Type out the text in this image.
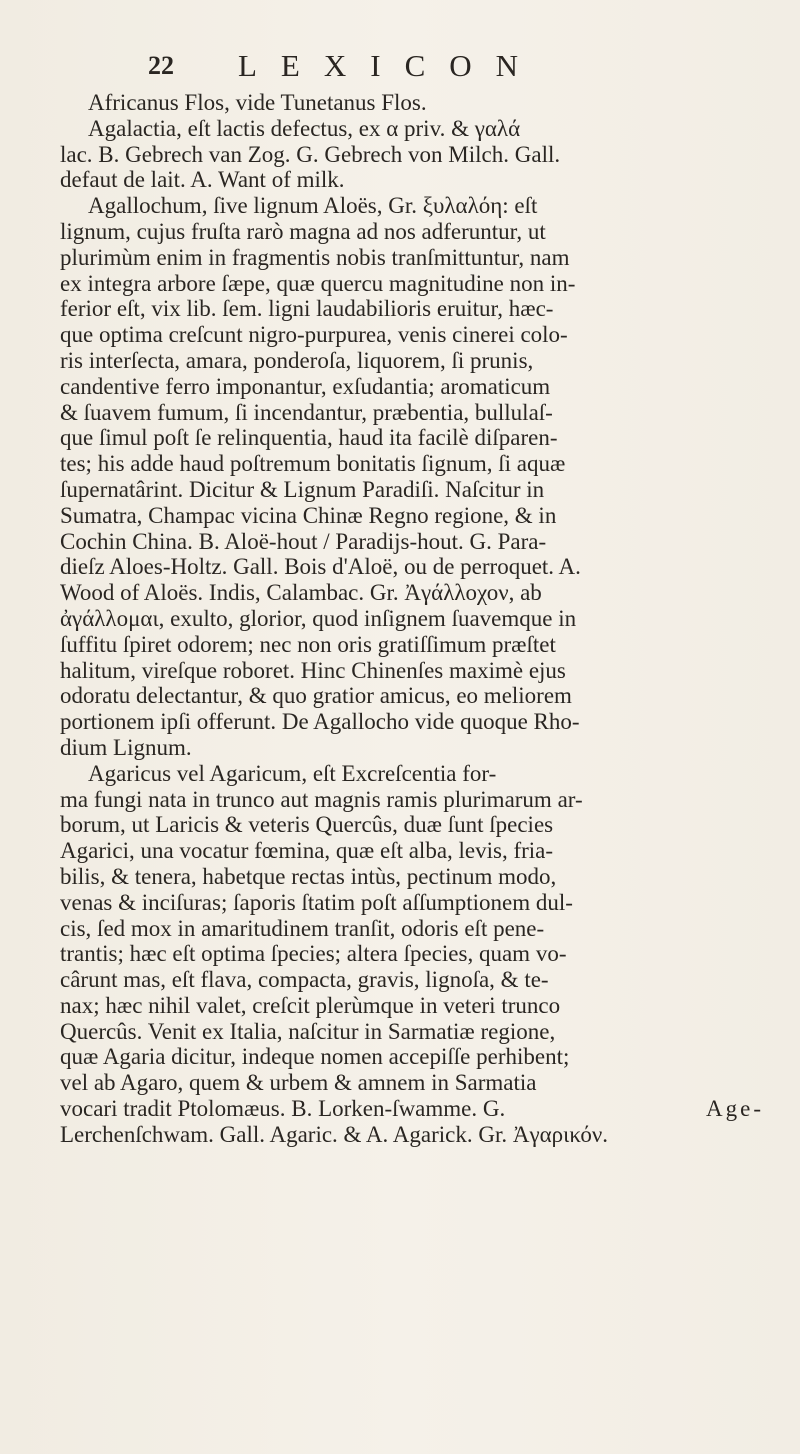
22	LEXICON
Africanus Flos, vide Tunetanus Flos.
Agalactia, eſt lactis defectus, ex α priv. & γαλά
lac. B. Gebrech van Zog. G. Gebrech von Milch. Gall.
defaut de lait. A. Want of milk.
Agallochum, ſive lignum Aloës, Gr. ξυλαλόη: eſt
lignum, cujus fruſta rarò magna ad nos adferuntur, ut
plurimùm enim in fragmentis nobis tranſmittuntur, nam
ex integra arbore ſæpe, quæ quercu magnitudine non in-
ferior eſt, vix lib. ſem. ligni laudabilioris eruitur, hæc-
que optima creſcunt nigro-purpurea, venis cinerei colo-
ris interſecta, amara, ponderoſa, liquorem, ſi prunis,
candentive ferro imponantur, exſudantia; aromaticum
& ſuavem fumum, ſi incendantur, præbentia, bullulaſ-
que ſimul poſt ſe relinquentia, haud ita facilè diſparen-
tes; his adde haud poſtremum bonitatis ſignum, ſi aquæ
ſupernatârint. Dicitur & Lignum Paradiſi. Naſcitur in
Sumatra, Champac vicina Chinæ Regno regione, & in
Cochin China. B. Aloë-hout / Paradijs-hout. G. Para-
dieſz Aloes-Holtz. Gall. Bois d'Aloë, ou de perroquet. A.
Wood of Aloës. Indis, Calambac. Gr. Ἀγάλλοχον, ab
ἀγάλλομαι, exulto, glorior, quod inſignem ſuavemque in
ſuffitu ſpiret odorem; nec non oris gratiſſimum præſtet
halitum, vireſque roboret. Hinc Chinenſes maximè ejus
odoratu delectantur, & quo gratior amicus, eo meliorem
portionem ipſi offerunt. De Agallocho vide quoque Rho-
dium Lignum.
Agaricus vel Agaricum, eſt Excreſcentia for-
ma fungi nata in trunco aut magnis ramis plurimarum ar-
borum, ut Laricis & veteris Quercûs, duæ ſunt ſpecies
Agarici, una vocatur fœmina, quæ eſt alba, levis, fria-
bilis, & tenera, habetque rectas intùs, pectinum modo,
venas & inciſuras; ſaporis ſtatim poſt aſſumptionem dul-
cis, ſed mox in amaritudinem tranſit, odoris eſt pene-
trantis; hæc eſt optima ſpecies; altera ſpecies, quam vo-
cârunt mas, eſt flava, compacta, gravis, lignoſa, & te-
nax; hæc nihil valet, creſcit plerùmque in veteri trunco
Quercûs. Venit ex Italia, naſcitur in Sarmatiæ regione,
quæ Agaria dicitur, indeque nomen accepiſſe perhibent;
vel ab Agaro, quem & urbem & amnem in Sarmatia
vocari tradit Ptolomæus. B. Lorken-ſwamme. G.
Lerchenſchwam. Gall. Agaric. & A. Agarick. Gr. Ἀγαρικόν.
Age-
